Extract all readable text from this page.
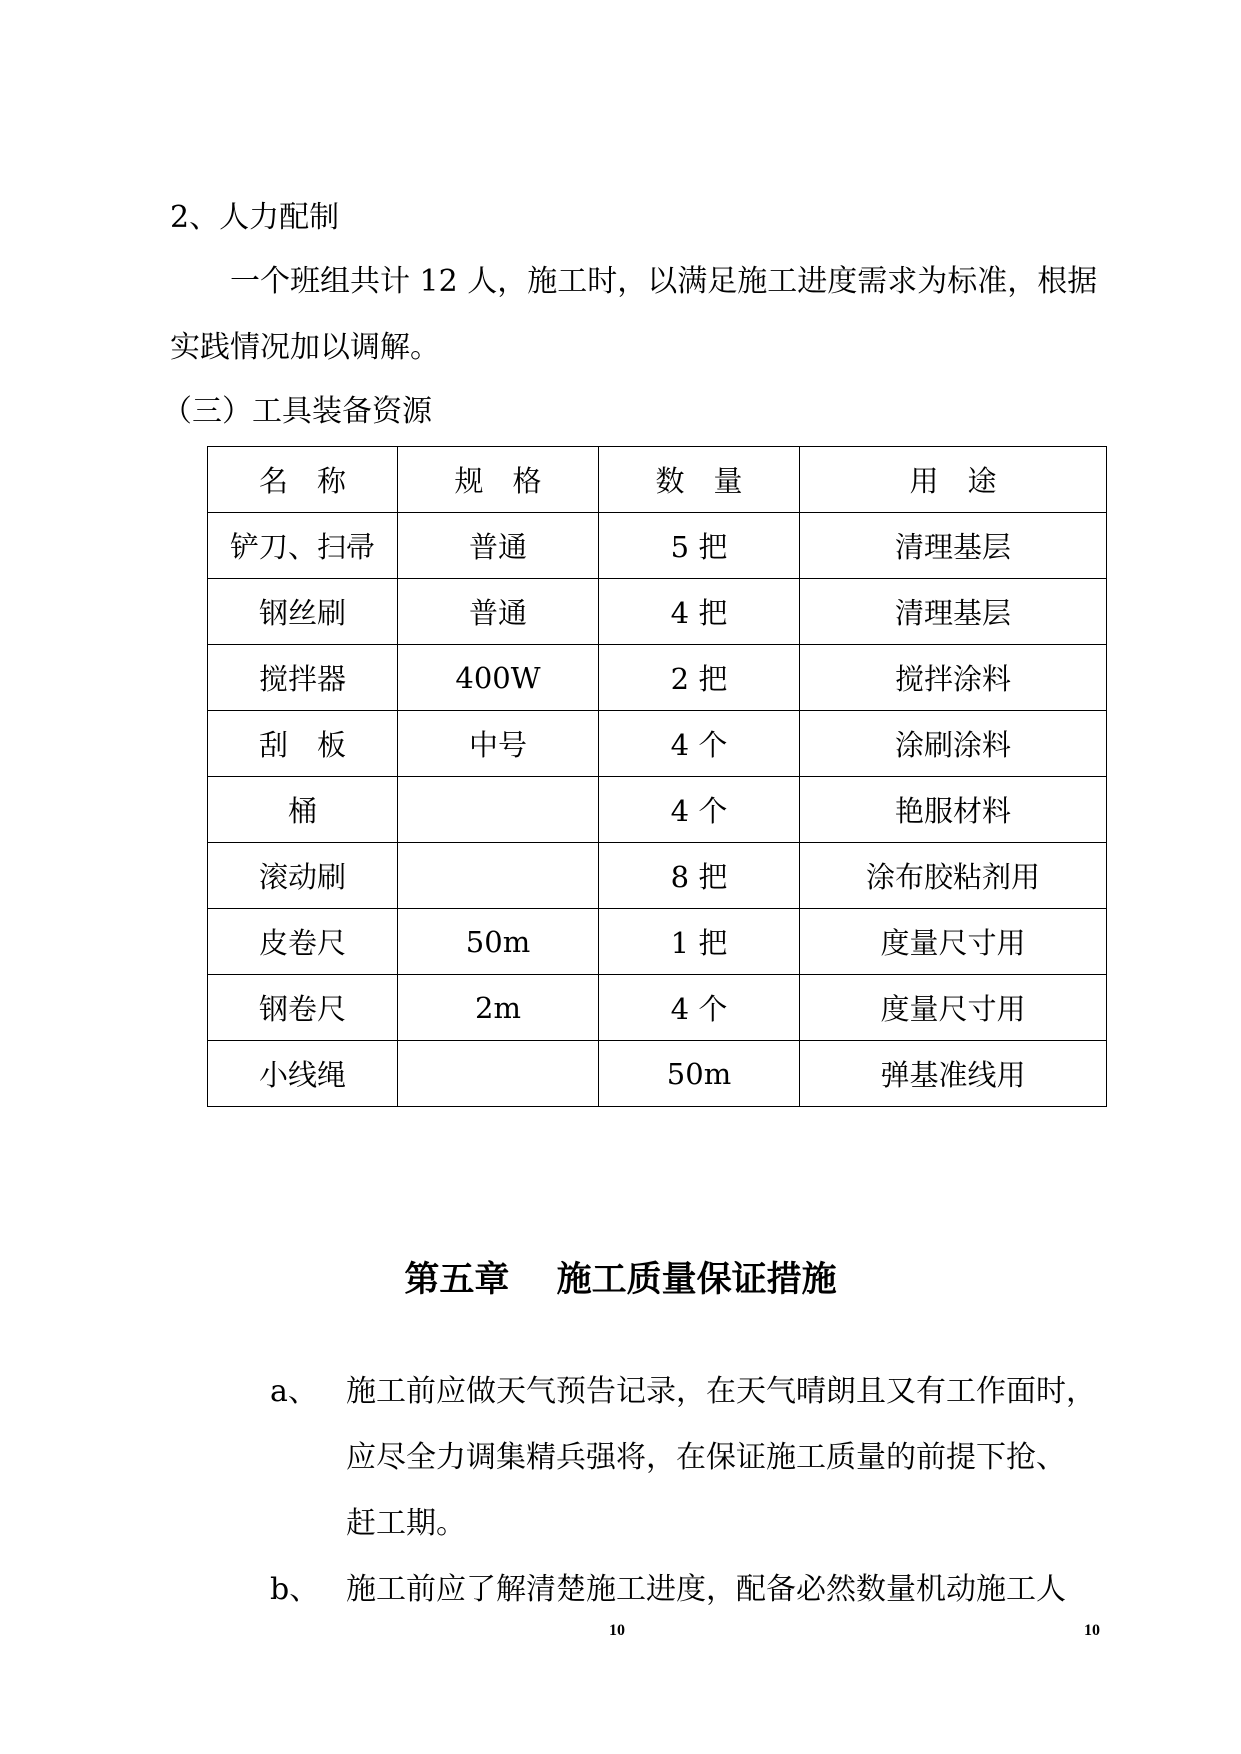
2、人力配制
一个班组共计 12 人，施工时，以满足施工进度需求为标准，根据
实践情况加以调解。
（三）工具装备资源
名　称	规　格	数　量	用　途
铲刀、扫帚	普通	5 把	清理基层
钢丝刷	普通	4 把	清理基层
搅拌器	400W	2 把	搅拌涂料
刮　板	中号	4 个	涂刷涂料
桶		4 个	艳服材料
滚动刷		8 把	涂布胶粘剂用
皮卷尺	50m	1 把	度量尺寸用
钢卷尺	2m	4 个	度量尺寸用
小线绳		50m	弹基准线用
第五章　 施工质量保证措施
a、 施工前应做天气预告记录，在天气晴朗且又有工作面时，
应尽全力调集精兵强将，在保证施工质量的前提下抢、
赶工期。
b、 施工前应了解清楚施工进度，配备必然数量机动施工人
10	10
